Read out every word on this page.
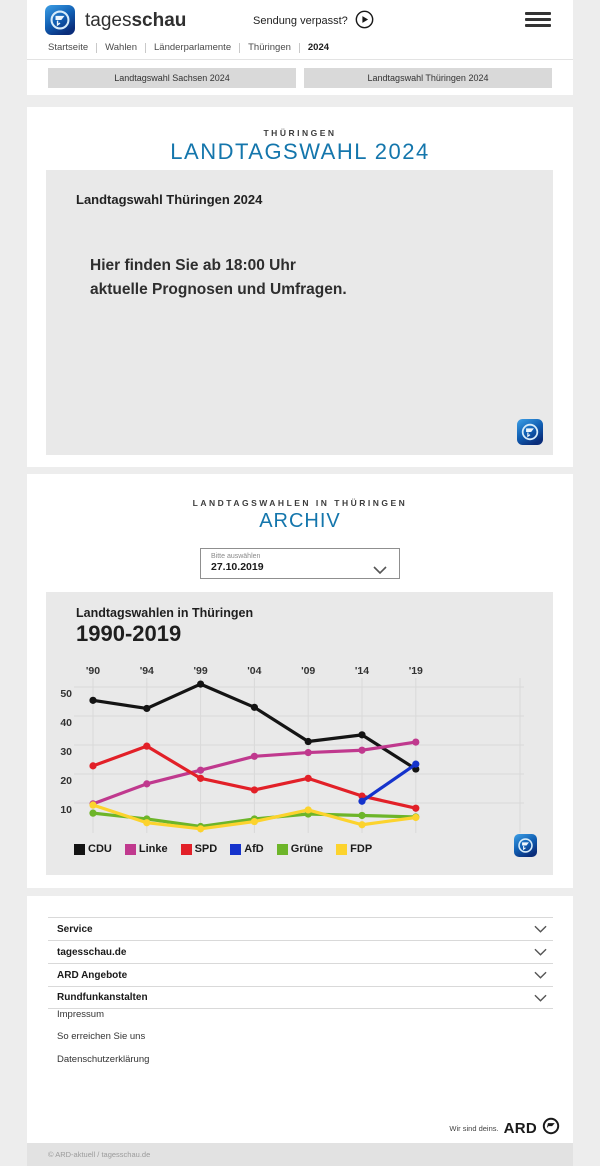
tagesschau	Sendung verpasst?
Startseite Wahlen Länderparlamente Thüringen 2024
Landtagswahl Sachsen 2024	Landtagswahl Thüringen 2024
THÜRINGEN
LANDTAGSWAHL 2024
Landtagswahl Thüringen 2024

Hier finden Sie ab 18:00 Uhr
aktuelle Prognosen und Umfragen.

LANDTAGSWAHLEN IN THÜRINGEN
ARCHIV
Bitte auswählen
27.10.2019
Landtagswahlen in Thüringen
1990-2019
10
20
30
40
50
'90	'94	'99	'04	'09	'14	'19
CDU Linke SPD AfD Grüne FDP
Service
tagesschau.de
ARD Angebote
Rundfunkanstalten
Impressum
So erreichen Sie uns
Datenschutzerklärung
Wir sind deins. ARD
© ARD-aktuell / tagesschau.de
